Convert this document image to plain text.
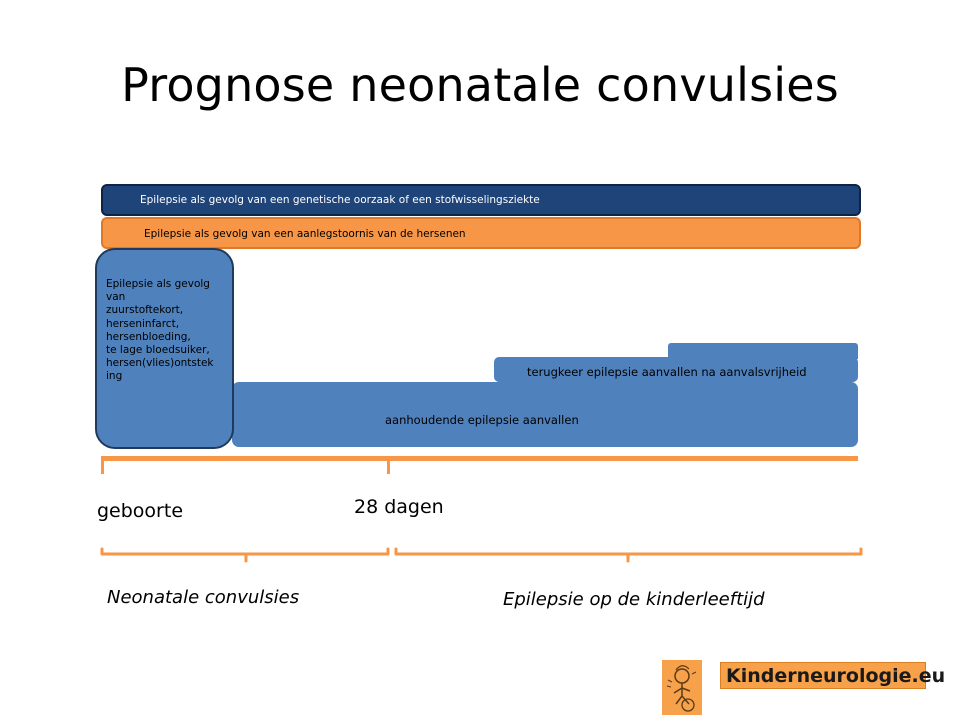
Prognose neonatale convulsies
Epilepsie als gevolg van een genetische oorzaak of een stofwisselingsziekte
Epilepsie als gevolg van een aanlegstoornis van de hersenen
aanhoudende epilepsie aanvallen
terugkeer epilepsie aanvallen na aanvalsvrijheid
Epilepsie als gevolg
van
zuurstoftekort,
herseninfarct,
hersenbloeding,
te lage bloedsuiker,
hersen(vlies)ontstek
ing
geboorte	28 dagen
Neonatale convulsies	Epilepsie op de kinderleeftijd
Kinderneurologie.eu
